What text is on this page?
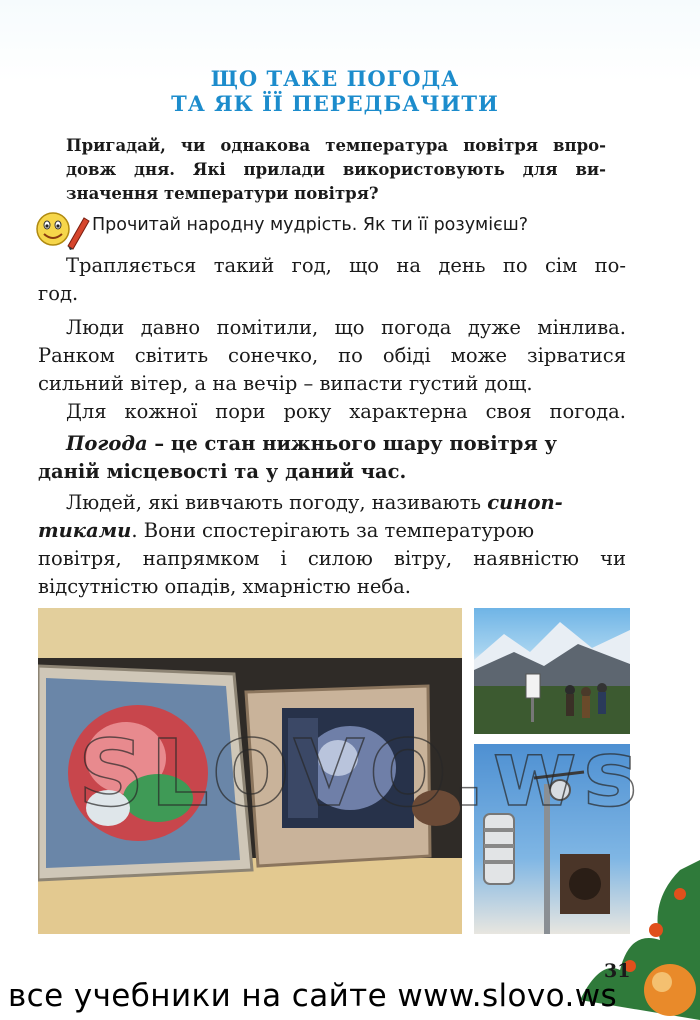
ЩО ТАКЕ ПОГОДА
ТА ЯК ЇЇ ПЕРЕДБАЧИТИ
Пригадай, чи однакова температура повітря впро-
довж дня. Які прилади використовують для ви-
значення температури повітря?
Прочитай народну мудрість. Як ти її розумієш?
Трапляється такий год, що на день по сім по-
год.
Люди давно помітили, що погода дуже мінлива.
Ранком світить сонечко, по обіді може зірватися
сильний вітер, а на вечір – випасти густий дощ.
Для кожної пори року характерна своя погода.
Погода – це стан нижнього шару повітря у
даній місцевості та у даний час.
Людей, які вивчають погоду, називають синоп-
тиками. Вони спостерігають за температурою
повітря, напрямком і силою вітру, наявністю чи
відсутністю опадів, хмарністю неба.
31
все учебники на сайте www.slovo.ws
